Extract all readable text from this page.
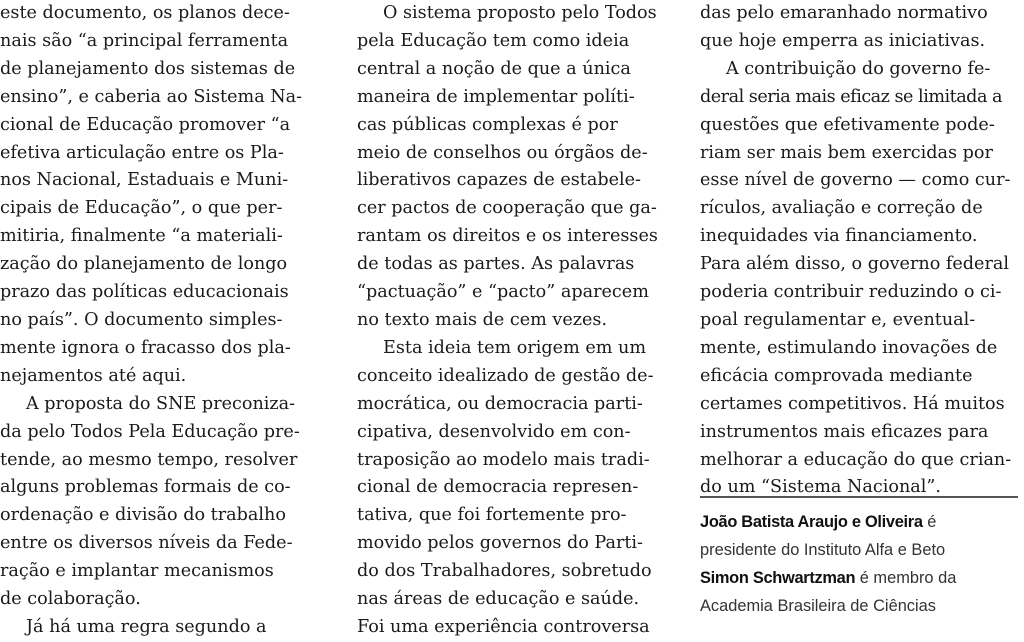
este documento, os planos dece-
nais são “a principal ferramenta
de planejamento dos sistemas de
ensino”, e caberia ao Sistema Na-
cional de Educação promover “a
efetiva articulação entre os Pla-
nos Nacional, Estaduais e Muni-
cipais de Educação”, o que per-
mitiria, finalmente “a materiali-
zação do planejamento de longo
prazo das políticas educacionais
no país”. O documento simples-
mente ignora o fracasso dos pla-
nejamentos até aqui.
A proposta do SNE preconiza-
da pelo Todos Pela Educação pre-
tende, ao mesmo tempo, resolver
alguns problemas formais de co-
ordenação e divisão do trabalho
entre os diversos níveis da Fede-
ração e implantar mecanismos
de colaboração.
Já há uma regra segundo a
O sistema proposto pelo Todos
pela Educação tem como ideia
central a noção de que a única
maneira de implementar políti-
cas públicas complexas é por
meio de conselhos ou órgãos de-
liberativos capazes de estabele-
cer pactos de cooperação que ga-
rantam os direitos e os interesses
de todas as partes. As palavras
“pactuação” e “pacto” aparecem
no texto mais de cem vezes.
Esta ideia tem origem em um
conceito idealizado de gestão de-
mocrática, ou democracia parti-
cipativa, desenvolvido em con-
traposição ao modelo mais tradi-
cional de democracia represen-
tativa, que foi fortemente pro-
movido pelos governos do Parti-
do dos Trabalhadores, sobretudo
nas áreas de educação e saúde.
Foi uma experiência controversa
das pelo emaranhado normativo
que hoje emperra as iniciativas.
A contribuição do governo fe-
deral seria mais eficaz se limitada a
questões que efetivamente pode-
riam ser mais bem exercidas por
esse nível de governo — como cur-
rículos, avaliação e correção de
inequidades via financiamento.
Para além disso, o governo federal
poderia contribuir reduzindo o ci-
poal regulamentar e, eventual-
mente, estimulando inovações de
eficácia comprovada mediante
certames competitivos. Há muitos
instrumentos mais eficazes para
melhorar a educação do que crian-
do um “Sistema Nacional”.
João Batista Araujo e Oliveira é
presidente do Instituto Alfa e Beto
Simon Schwartzman é membro da
Academia Brasileira de Ciências
